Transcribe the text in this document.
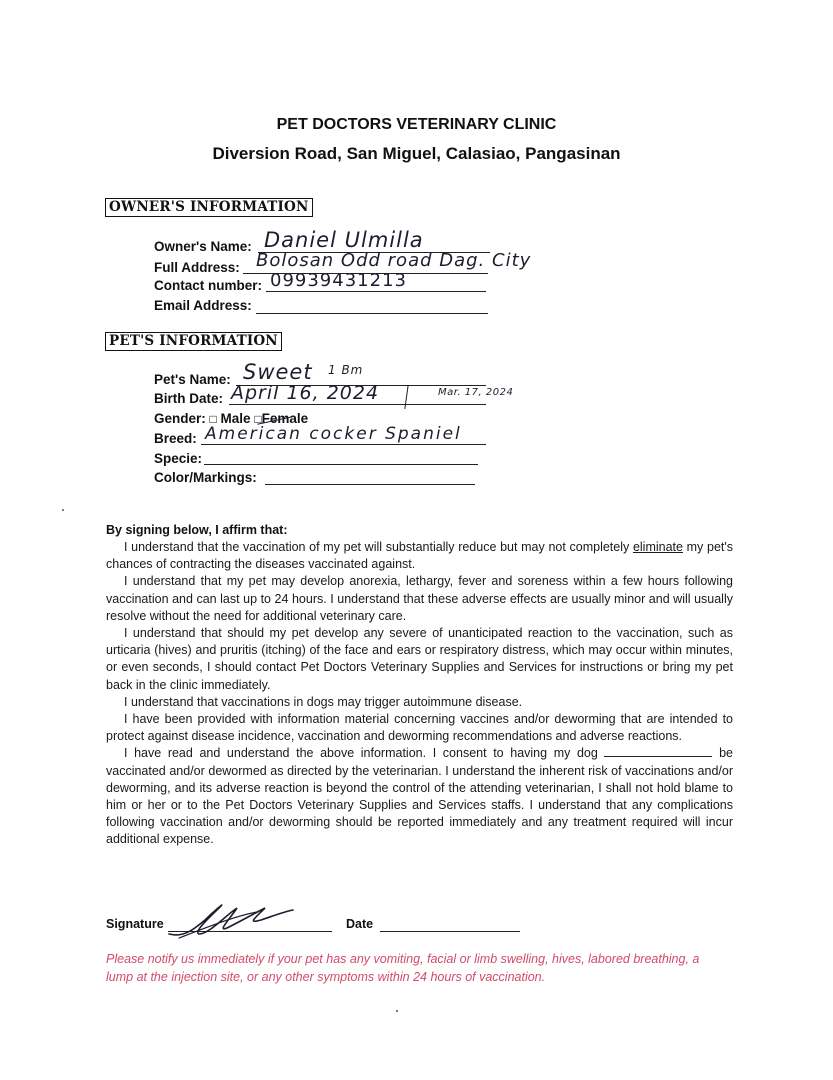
PET DOCTORS VETERINARY CLINIC
Diversion Road, San Miguel, Calasiao, Pangasinan
OWNER'S INFORMATION
Owner's Name: Daniel Ulmilla
Full Address: Bolosan Odd road Dag. City
Contact number: 09939431213
Email Address:
PET'S INFORMATION
Pet's Name: Sweet 1 Bm
Birth Date: April 16, 2024	Mar. 17, 2024
Gender: □ Male □Female
Breed: American cocker Spaniel
Specie:
Color/Markings:
By signing below, I affirm that:

I understand that the vaccination of my pet will substantially reduce but may not completely eliminate my pet's chances of contracting the diseases vaccinated against.

I understand that my pet may develop anorexia, lethargy, fever and soreness within a few hours following vaccination and can last up to 24 hours. I understand that these adverse effects are usually minor and will usually resolve without the need for additional veterinary care.

I understand that should my pet develop any severe of unanticipated reaction to the vaccination, such as urticaria (hives) and pruritis (itching) of the face and ears or respiratory distress, which may occur within minutes, or even seconds, I should contact Pet Doctors Veterinary Supplies and Services for instructions or bring my pet back in the clinic immediately.

I understand that vaccinations in dogs may trigger autoimmune disease.

I have been provided with information material concerning vaccines and/or deworming that are intended to protect against disease incidence, vaccination and deworming recommendations and adverse reactions.

I have read and understand the above information. I consent to having my dog	be vaccinated and/or dewormed as directed by the veterinarian. I understand the inherent risk of vaccinations and/or deworming, and its adverse reaction is beyond the control of the attending veterinarian, I shall not hold blame to him or her or to the Pet Doctors Veterinary Supplies and Services staffs. I understand that any complications following vaccination and/or deworming should be reported immediately and any treatment required will incur additional expense.

Signature	Date
Please notify us immediately if your pet has any vomiting, facial or limb swelling, hives, labored breathing, a lump at the injection site, or any other symptoms within 24 hours of vaccination.
